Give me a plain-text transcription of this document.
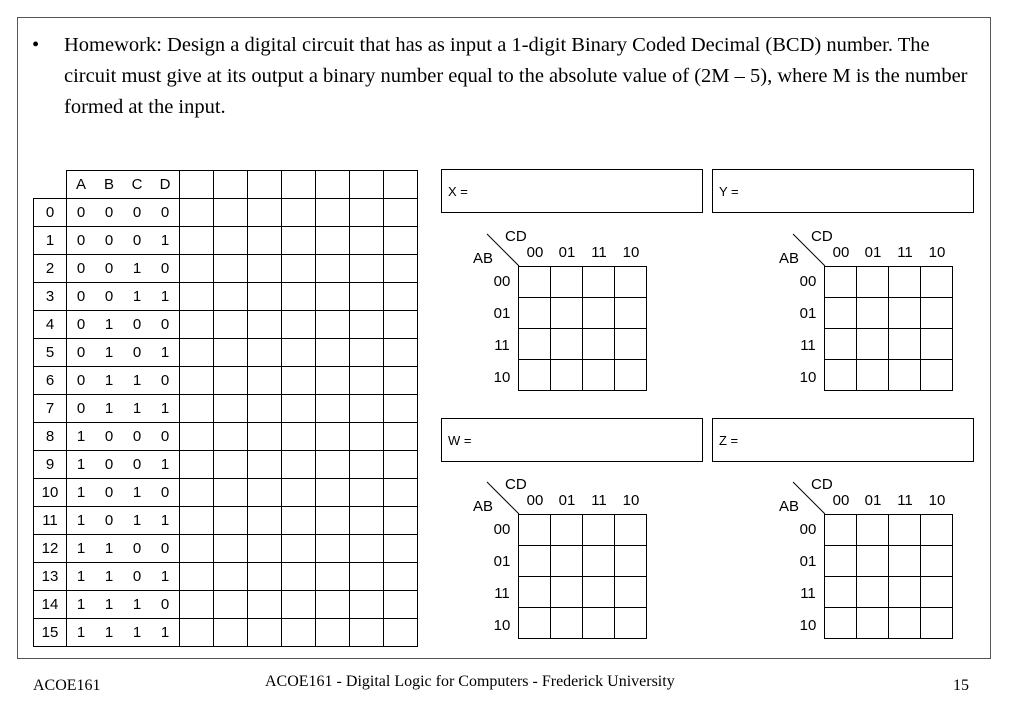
• Homework: Design a digital circuit that has as input a 1-digit Binary Coded Decimal (BCD) number. The circuit must give at its output a binary number equal to the absolute value of (2M – 5), where M is the number formed at the input.
	A	B	C	D							
0	0	0	0	0							
1	0	0	0	1							
2	0	0	1	0							
3	0	0	1	1							
4	0	1	0	0							
5	0	1	0	1							
6	0	1	1	0							
7	0	1	1	1							
8	1	0	0	0							
9	1	0	0	1							
10	1	0	1	0							
11	1	0	1	1							
12	1	1	0	0							
13	1	1	0	1							
14	1	1	1	0							
15	1	1	1	1							
X =	Y =
W =	Z =
CD
AB	00	01	11	10
00
01
11
10

CD
AB	00	01	11	10
00
01
11
10

CD
AB	00	01	11	10
00
01
11
10

CD
AB	00	01	11	10
00
01
11
10

ACOE161	ACOE161 - Digital Logic for Computers - Frederick University	15
